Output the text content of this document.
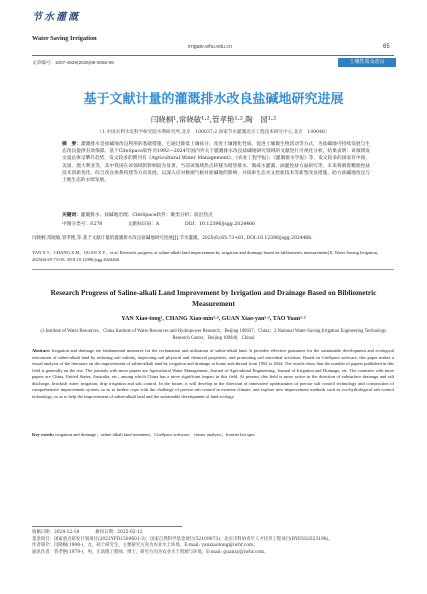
节水灌溉
Water Saving Irrigation
irrigate.whu.edu.cn	65
文章编号：1007-4929(2025)06-0065-09	土壤性质及改良
基于文献计量的灌溉排水改良盐碱地研究进展
闫晓桐¹,常晓敏¹·²,管孝艳¹·²,陶　园¹·²
（1.中国水利水电科学研究院水利研究所,北京　100037;2.国家节水灌溉北京工程技术研究中心,北京　100048）
摘　要：灌溉排水是盐碱地改良利用的基础措施，它通过降低土壤盐分、改善土壤理化性质、促进土壤微生物活动等方式，为盐碱地可持续发展与生态改良提供有效保障。基于CiteSpace软件对1992—2024年国内外关于灌溉排水改良盐碱地研究领域的文献进行可视化分析。结果表明：该领域发文量总体呈攀升趋势，发文较多的期刊有《Agricultural Water Management》、《农业工程学报》、《灌溉排水学报》等，发文较多的国家有中国、美国、澳大利亚等，其中我国在该领域的影响较为显著。当前该领域热点转移为暗管排水、微咸水灌溉、滴灌控盐方面研究等，未来将朝着精准控盐技术创新优化、综合改良体系构建等方向发展，以深入应对极端气候对盐碱地的影响，并探索生态水文控盐技术等新型改良措施，助力盐碱地改良与土地生态的永续发展。
关键词：灌溉排水；盐碱地治理；CiteSpace软件；聚类分析；前沿热点
中图分类号：S278	文献标识码：A	DOI：10.12396/jsgg.2024466
闫晓桐,常晓敏,管孝艳,等.基于文献计量的灌溉排水改良盐碱地研究进展[J].节水灌溉，2025(6):65-73+81. DOI:10.12396/jsgg.2024466.
YAN X T，CHANG X M，GUAN X Y，et al. Research progress of saline-alkali land improvement by irrigation and drainage based on bibliometric measurement[J]. Water Saving Irrigation，2025(6):65-73+81. DOI:10.12396/jsgg.2024466.
Research Progress of Saline-alkali Land Improvement by Irrigation and Drainage Based on Bibliometric Measurement
YAN Xiao-tong¹, CHANG Xiao-min¹·², GUAN Xiao-yan¹·², TAO Yuan¹·²
(1.Institute of Water Resources，China Institute of Water Resources and Hydropower Research，Beijing 100037，China；2.National Water-Saving Irrigation Engineering Technology Research Center，Beijing 100048，China)
Abstract: Irrigation and drainage are fundamental measures for the reclamation and utilization of saline-alkali land. It provides effective guarantee for the sustainable development and ecological restoration of saline-alkali land by reducing soil salinity, improving soil physical and chemical properties, and promoting soil microbial activities. Based on CiteSpace software, this paper makes a visual analysis of the literature on the improvement of saline-alkali land by irrigation and drainage at home and abroad from 1992 to 2024. The results show that the number of papers published in this field is generally on the rise. The journals with more papers are Agricultural Water Management, Journal of Agricultural Engineering, Journal of Irrigation and Drainage, etc. The countries with more papers are China, United States, Australia, etc., among which China has a more significant impact in this field. At present, this field is more active in the direction of subsurface drainage and salt discharge, brackish water irrigation, drip irrigation and salt control. In the future, it will develop in the direction of innovative optimization of precise salt control technology and construction of comprehensive improvement system, so as to further cope with the challenge of precise salt control in extreme climate, and explore new improvement methods such as eco-hydrological salt control technology, so as to help the improvement of saline-alkali land and the sustainable development of land ecology.
Key words: irrigation and drainage；saline-alkali land treatment；CiteSpace software；cluster analysis；frontier hot spot
收稿日期：2024-12-18	修回日期：2025-02-12
基金项目：国家重点研发计划项目(2021YFD1500601-3)；国家自然科学基金项目(52109073)；北京市科协青年人才托举工程项目(BYESS2023198)。
作者简介：闫晓桐(1998-)，女，硕士研究生，主要研究方向为农业水土环境。E-mail: yanxiaotong@iwhr.com。
通讯作者：管孝艳(1979-)，男，正高级工程师，博士，研究方向为农业水土资源与环境。E-mail: guanxy@iwhr.com。
